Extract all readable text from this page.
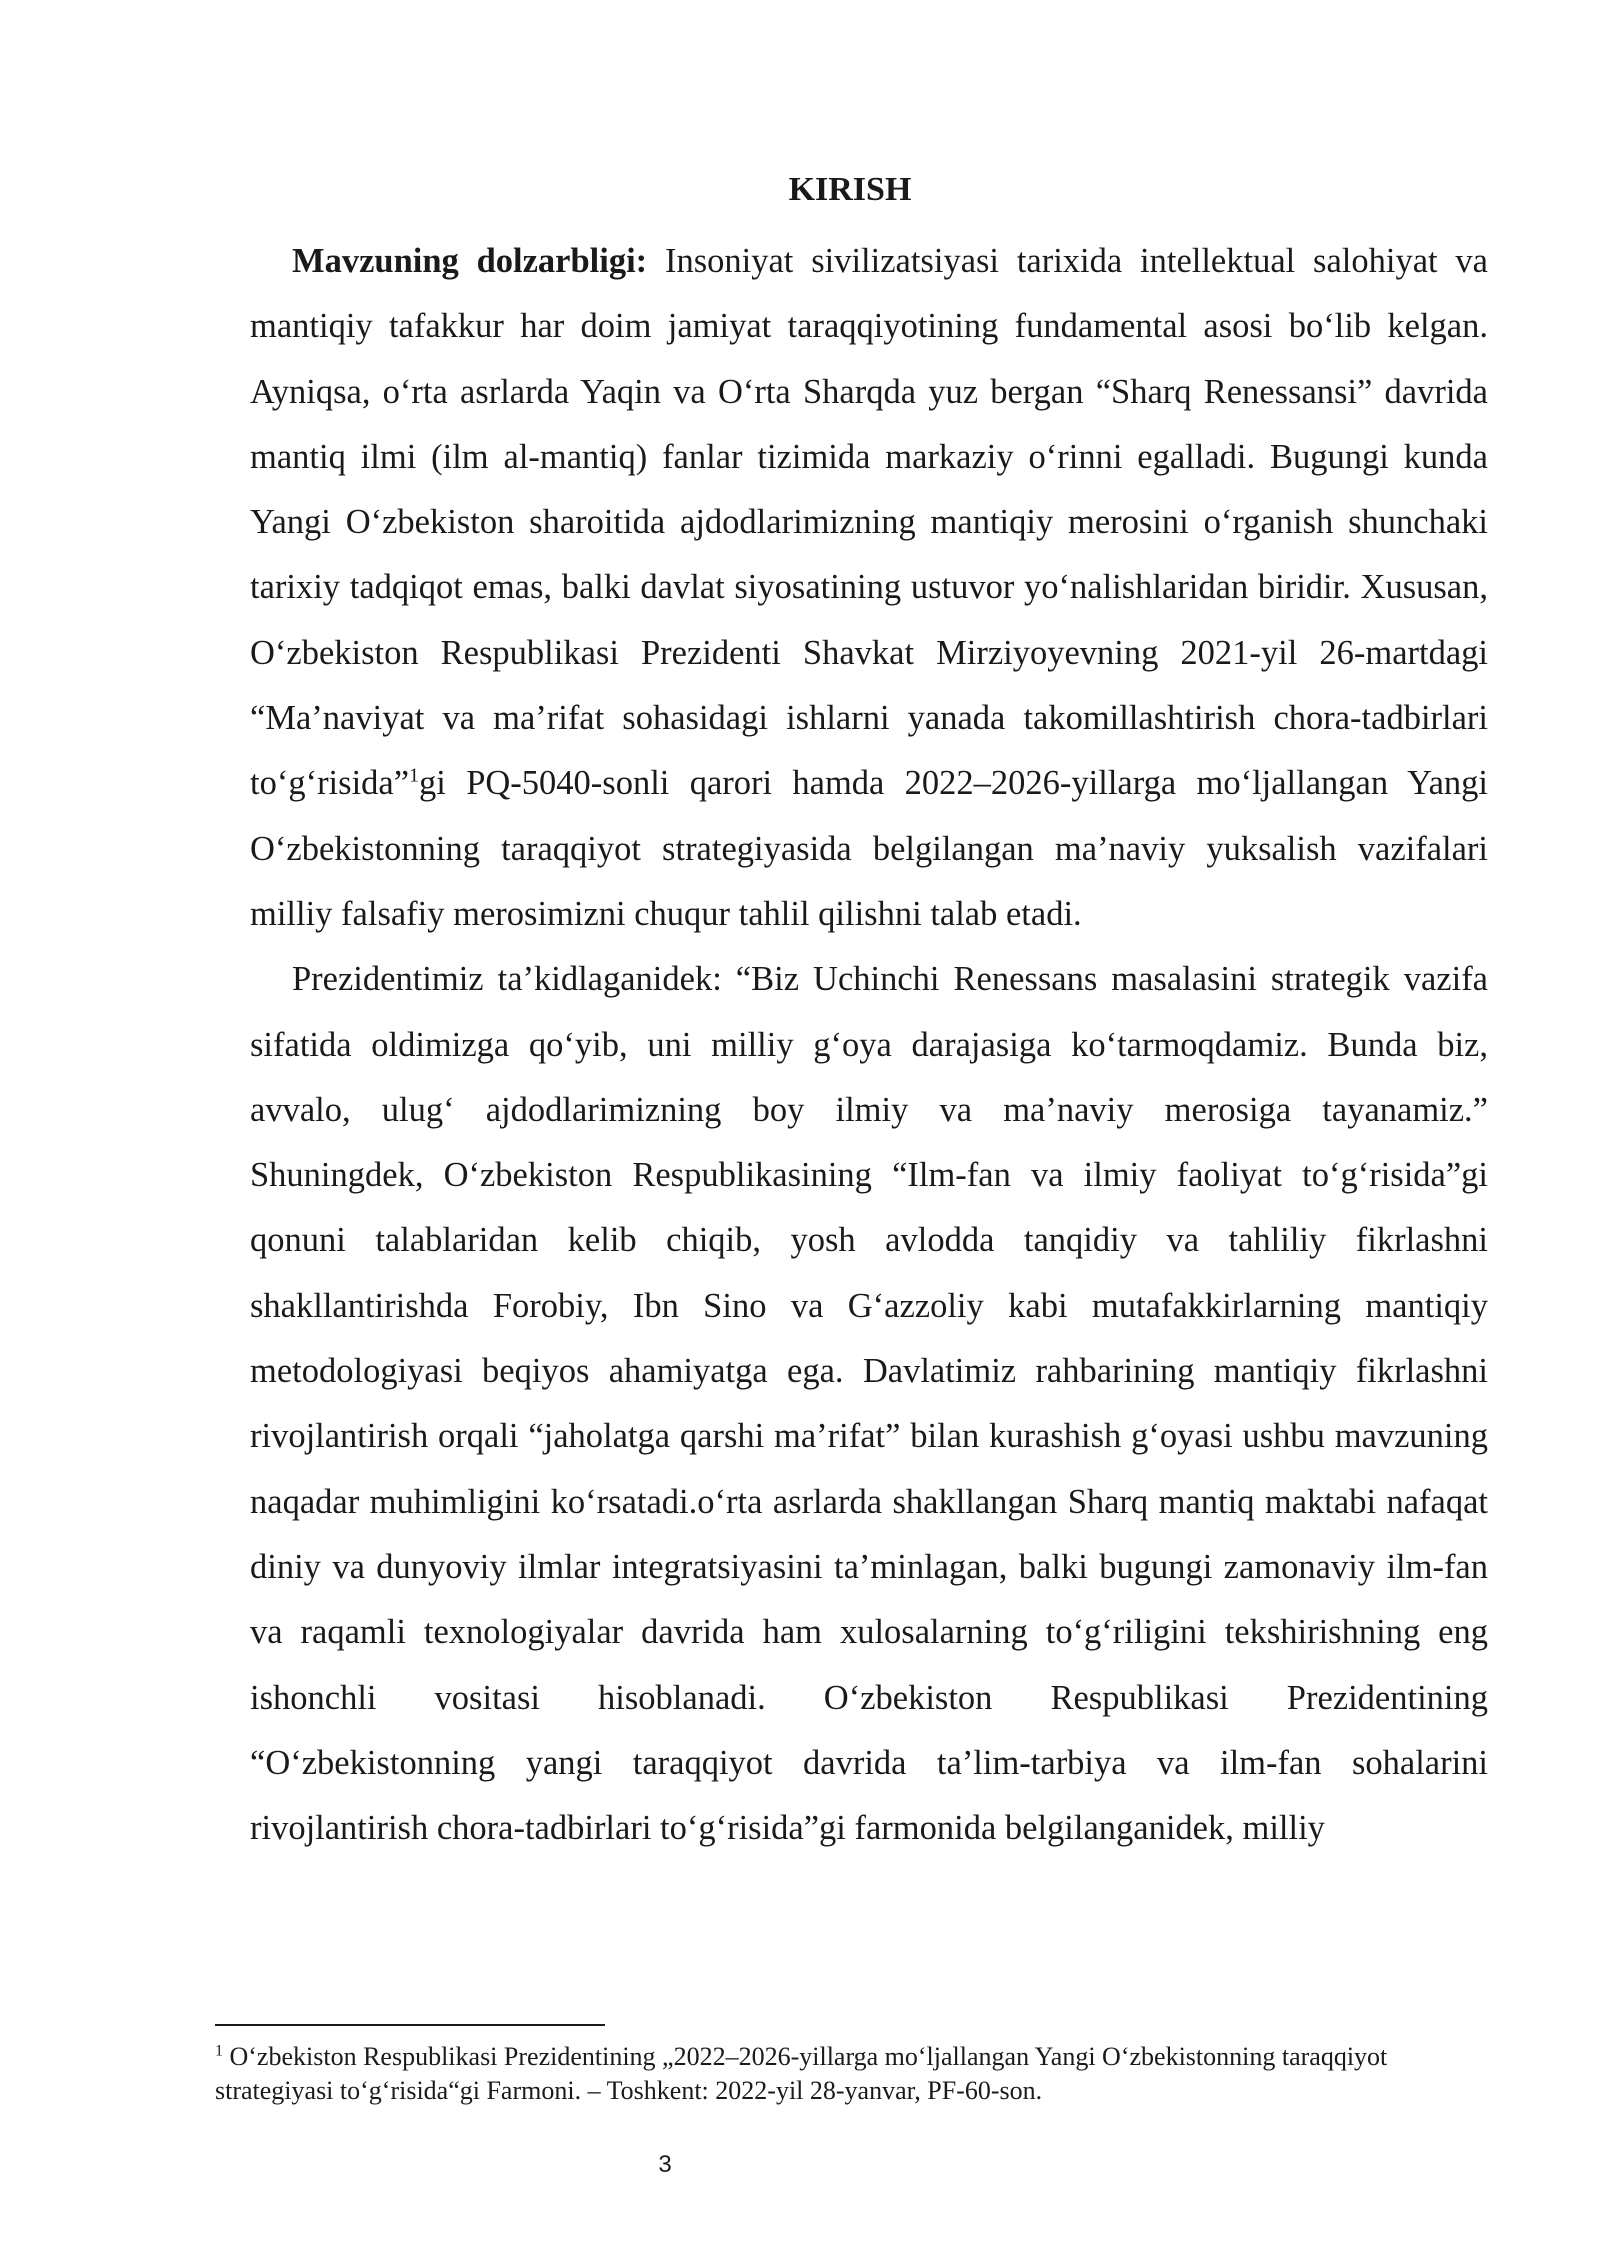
KIRISH

Mavzuning dolzarbligi: Insoniyat sivilizatsiyasi tarixida intellektual salohiyat va mantiqiy tafakkur har doim jamiyat taraqqiyotining fundamental asosi bo‘lib kelgan. Ayniqsa, o‘rta asrlarda Yaqin va O‘rta Sharqda yuz bergan “Sharq Renessansi” davrida mantiq ilmi (ilm al-mantiq) fanlar tizimida markaziy o‘rinni egalladi. Bugungi kunda Yangi O‘zbekiston sharoitida ajdodlarimizning mantiqiy merosini o‘rganish shunchaki tarixiy tadqiqot emas, balki davlat siyosatining ustuvor yo‘nalishlaridan biridir. Xususan, O‘zbekiston Respublikasi Prezidenti Shavkat Mirziyoyevning 2021-yil 26-martdagi “Ma’naviyat va ma’rifat sohasidagi ishlarni yanada takomillashtirish chora-tadbirlari to‘g‘risida”$^1$gi PQ-5040-sonli qarori hamda 2022–2026-yillarga mo‘ljallangan Yangi O‘zbekistonning taraqqiyot strategiyasida belgilangan ma’naviy yuksalish vazifalari milliy falsafiy merosimizni chuqur tahlil qilishni talab etadi.

Prezidentimiz ta’kidlaganidek: “Biz Uchinchi Renessans masalasini strategik vazifa sifatida oldimizga qo‘yib, uni milliy g‘oya darajasiga ko‘tarmoqdamiz. Bunda biz, avvalo, ulug‘ ajdodlarimizning boy ilmiy va ma’naviy merosiga tayanamiz.” Shuningdek, O‘zbekiston Respublikasining “Ilm-fan va ilmiy faoliyat to‘g‘risida”gi qonuni talablaridan kelib chiqib, yosh avlodda tanqidiy va tahliliy fikrlashni shakllantirishda Forobiy, Ibn Sino va G‘azzoliy kabi mutafakkirlarning mantiqiy metodologiyasi beqiyos ahamiyatga ega. Davlatimiz rahbarining mantiqiy fikrlashni rivojlantirish orqali “jaholatga qarshi ma’rifat” bilan kurashish g‘oyasi ushbu mavzuning naqadar muhimligini ko‘rsatadi.o‘rta asrlarda shakllangan Sharq mantiq maktabi nafaqat diniy va dunyoviy ilmlar integratsiyasini ta’minlagan, balki bugungi zamonaviy ilm-fan va raqamli texnologiyalar davrida ham xulosalarning to‘g‘riligini tekshirishning eng ishonchli vositasi hisoblanadi. O‘zbekiston Respublikasi Prezidentining “O‘zbekistonning yangi taraqqiyot davrida ta’lim-tarbiya va ilm-fan sohalarini rivojlantirish chora-tadbirlari to‘g‘risida”gi farmonida belgilanganidek, milliy

$^1$ O‘zbekiston Respublikasi Prezidentining „2022–2026-yillarga mo‘ljallangan Yangi O‘zbekistonning taraqqiyot strategiyasi to‘g‘risida“gi Farmoni. – Toshkent: 2022-yil 28-yanvar, PF-60-son.

3
